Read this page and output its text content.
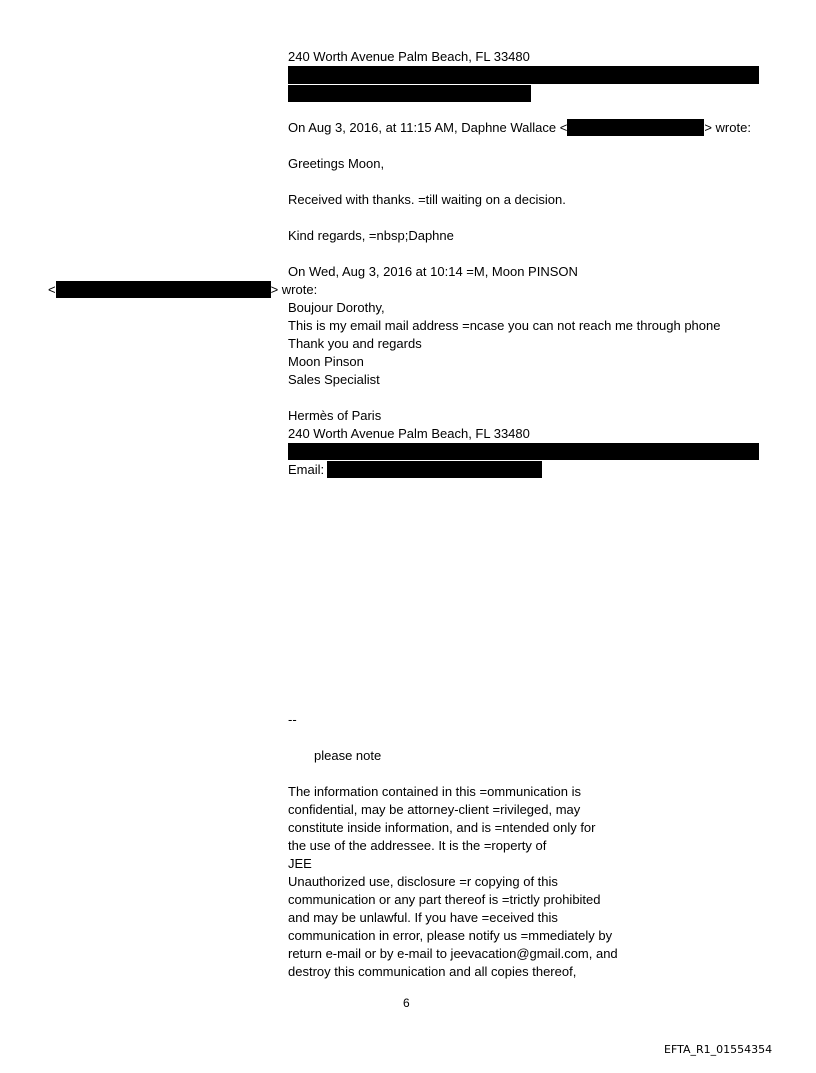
240 Worth Avenue Palm Beach, FL 33480
On Aug 3, 2016, at 11:15 AM, Daphne Wallace <	> wrote:
Greetings Moon,
Received with thanks. =till waiting on a decision.
Kind regards, =nbsp;Daphne
On Wed, Aug 3, 2016 at 10:14 =M, Moon PINSON
<	> wrote:
Boujour Dorothy,
This is my email mail address =ncase you can not reach me through phone
Thank you and regards
Moon Pinson
Sales Specialist
Hermès of Paris
240 Worth Avenue Palm Beach, FL 33480
Email:
--
please note
The information contained in this =ommunication is
confidential, may be attorney-client =rivileged, may
constitute inside information, and is =ntended only for
the use of the addressee. It is the =roperty of
JEE
Unauthorized use, disclosure =r copying of this
communication or any part thereof is =trictly prohibited
and may be unlawful. If you have =eceived this
communication in error, please notify us =mmediately by
return e-mail or by e-mail to jeevacation@gmail.com, and
destroy this communication and all copies thereof,
6
EFTA_R1_01554354
